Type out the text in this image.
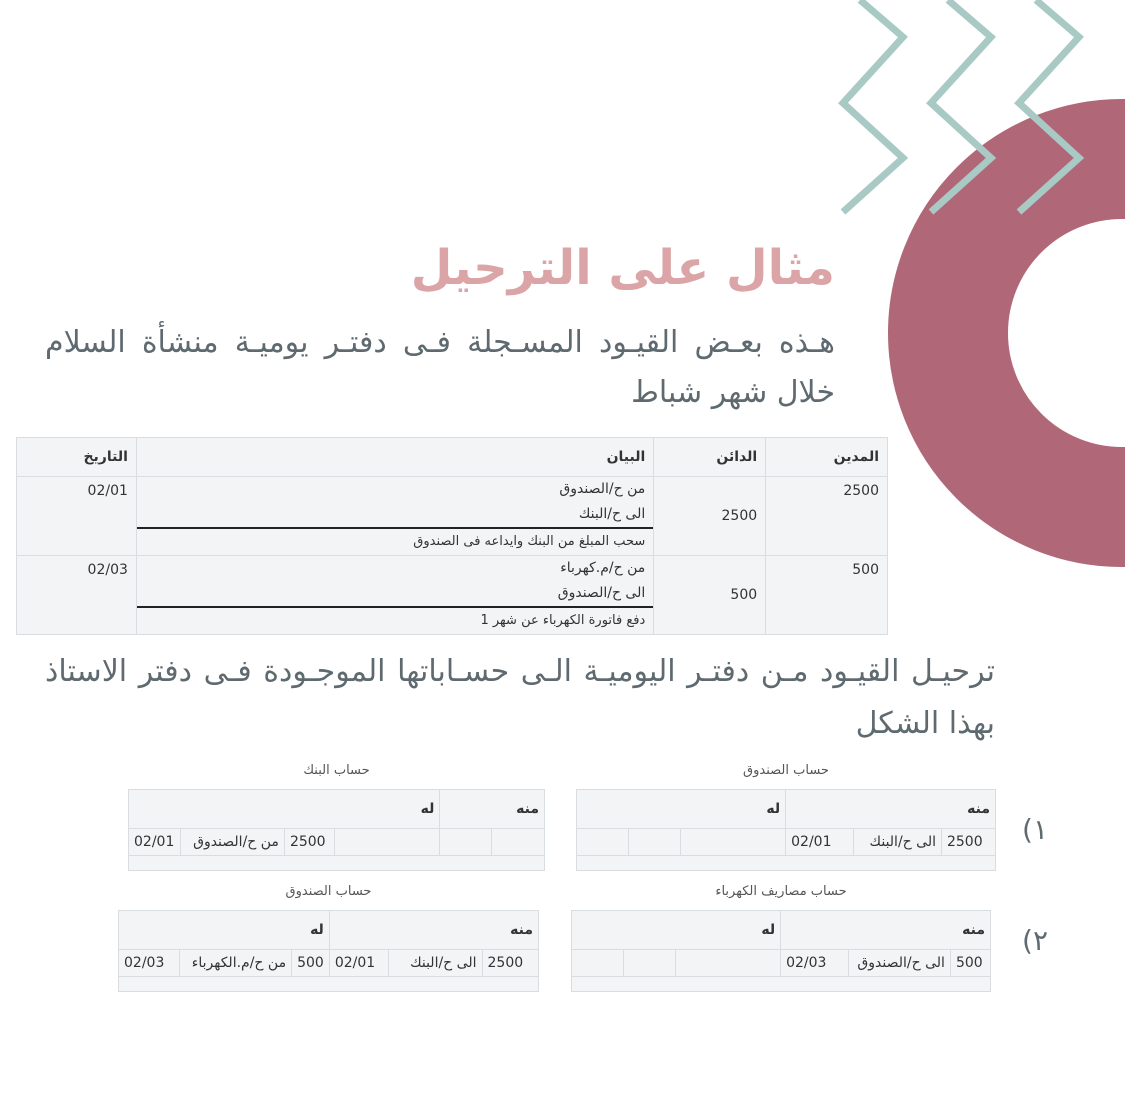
مثال على الترحيل

هـذه بعـض القيـود المسـجلة فـى دفتـر يوميـة منشأة السلام خلال شهر شباط

المدين	الدائن	البيان	التاريخ
2500	2500	من ح/الصندوق
الى ح/البنك
سحب المبلغ من البنك وايداعه فى الصندوق	02/01
500	500	من ح/م.كهرباء
الى ح/الصندوق
دفع فاتورة الكهرباء عن شهر 1	02/03

ترحيـل القيـود مـن دفتـر اليوميـة الـى حسـاباتها الموجـودة فـى دفتر الاستاذ بهذا الشكل

حساب الصندوق
له			منه		
			02/01	الى ح/البنك	2500

حساب البنك
له				منه	
02/01	من ح/الصندوق	2500				(١
حساب مصاريف الكهرباء
له			منه		
			02/03	الى ح/الصندوق	500

حساب الصندوق
له			منه		
02/03	من ح/م.الكهرباء	500	02/01	الى ح/البنك	2500

(٢
